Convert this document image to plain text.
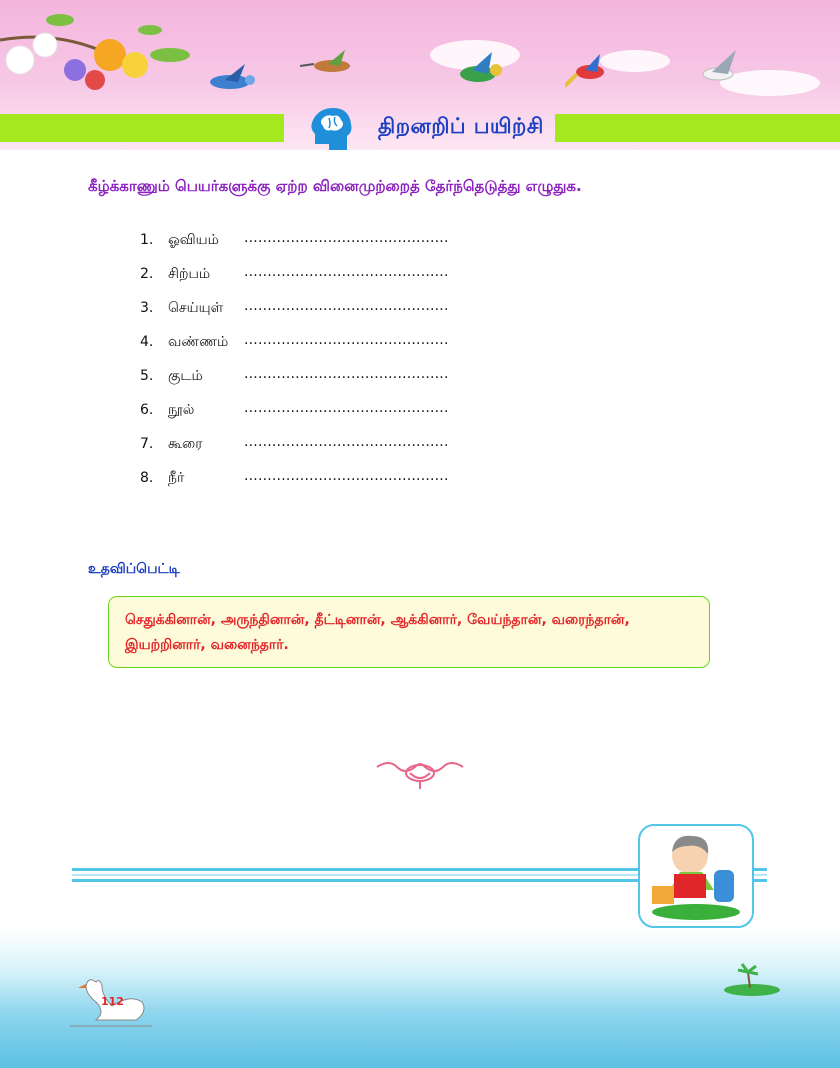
திறனறிப் பயிற்சி
கீழ்க்காணும் பெயர்களுக்கு ஏற்ற வினைமுற்றைத் தேர்ந்தெடுத்து எழுதுக.
1.	ஓவியம் ............................................
2.	சிற்பம் ............................................
3.	செய்யுள் ............................................
4.	வண்ணம் ............................................
5.	குடம்	............................................
6.	நூல்	............................................
7.	கூரை	............................................
8.	நீர்	............................................
உதவிப்பெட்டி
செதுக்கினான், அருந்தினான், தீட்டினான், ஆக்கினார், வேய்ந்தான், வரைந்தான், இயற்றினார், வனைந்தார்.
112
